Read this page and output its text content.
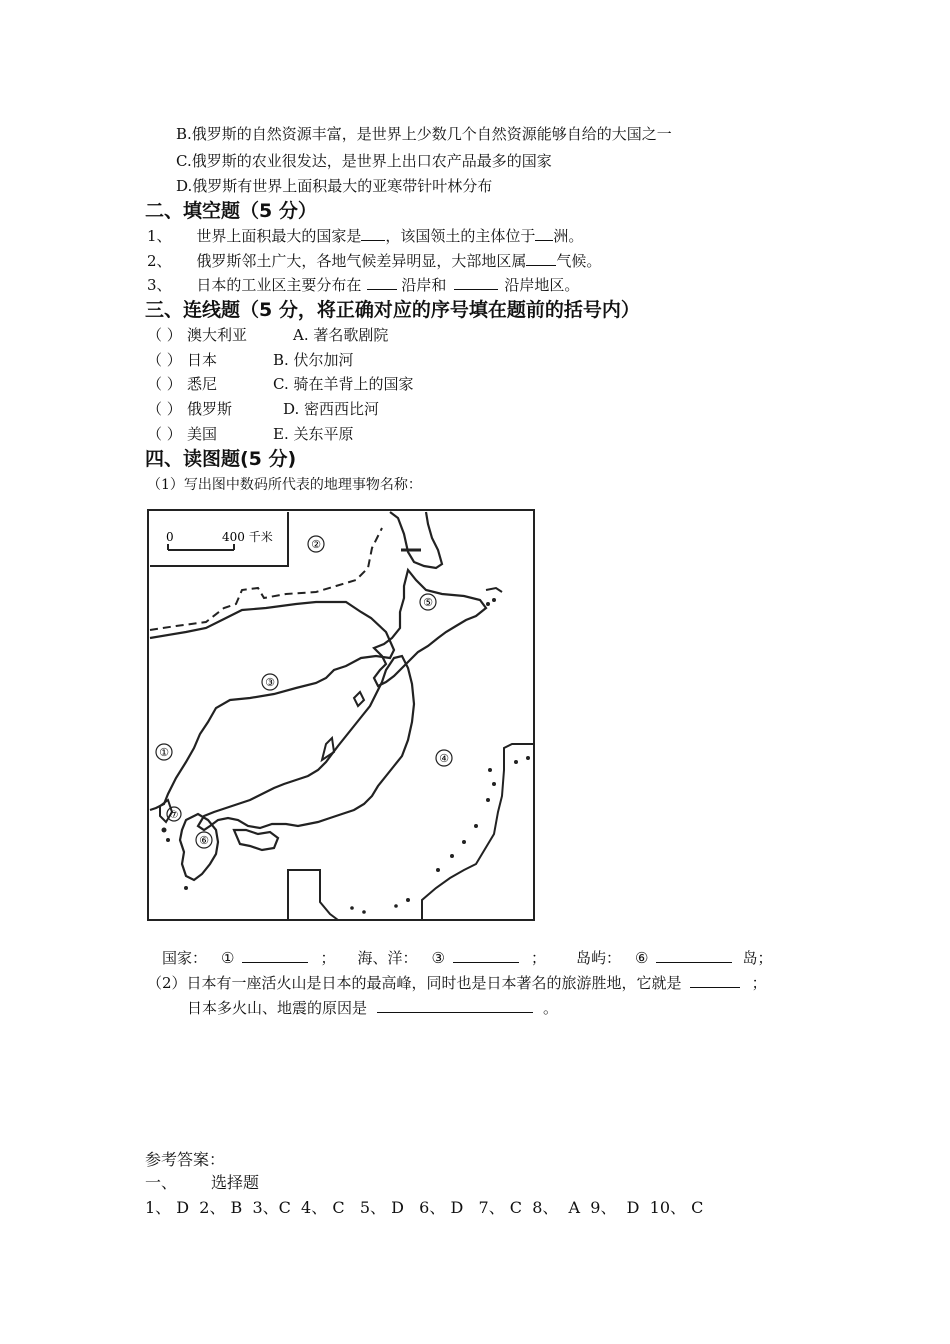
B.俄罗斯的自然资源丰富，是世界上少数几个自然资源能够自给的大国之一
C.俄罗斯的农业很发达，是世界上出口农产品最多的国家
D.俄罗斯有世界上面积最大的亚寒带针叶林分布
二、填空题（5 分）
1、 世界上面积最大的国家是 ，该国领土的主体位于 洲。
2、 俄罗斯邻土广大，各地气候差异明显，大部地区属 气候。
3、 日本的工业区主要分布在	沿岸和	沿岸地区。
三、连线题（5 分，将正确对应的序号填在题前的括号内）
（ ） 澳大利亚	A. 著名歌剧院
（ ） 日本	B. 伏尔加河
（ ） 悉尼	C. 骑在羊背上的国家
（ ） 俄罗斯	D. 密西西比河
（ ） 美国	E. 关东平原
四、读图题(5 分)
（1）写出图中数码所代表的地理事物名称：
0	400 千米
①
②
③
④
⑤
⑥
⑦
国家： ①	； 海、洋： ③	； 岛屿： ⑥	岛；
（2）日本有一座活火山是日本的最高峰，同时也是日本著名的旅游胜地，它就是	；
日本多火山、地震的原因是	。
参考答案：
一、 选择题
1、 D  2、 B  3、C  4、 C   5、 D   6、 D   7、 C  8、  A  9、  D  10、 C
